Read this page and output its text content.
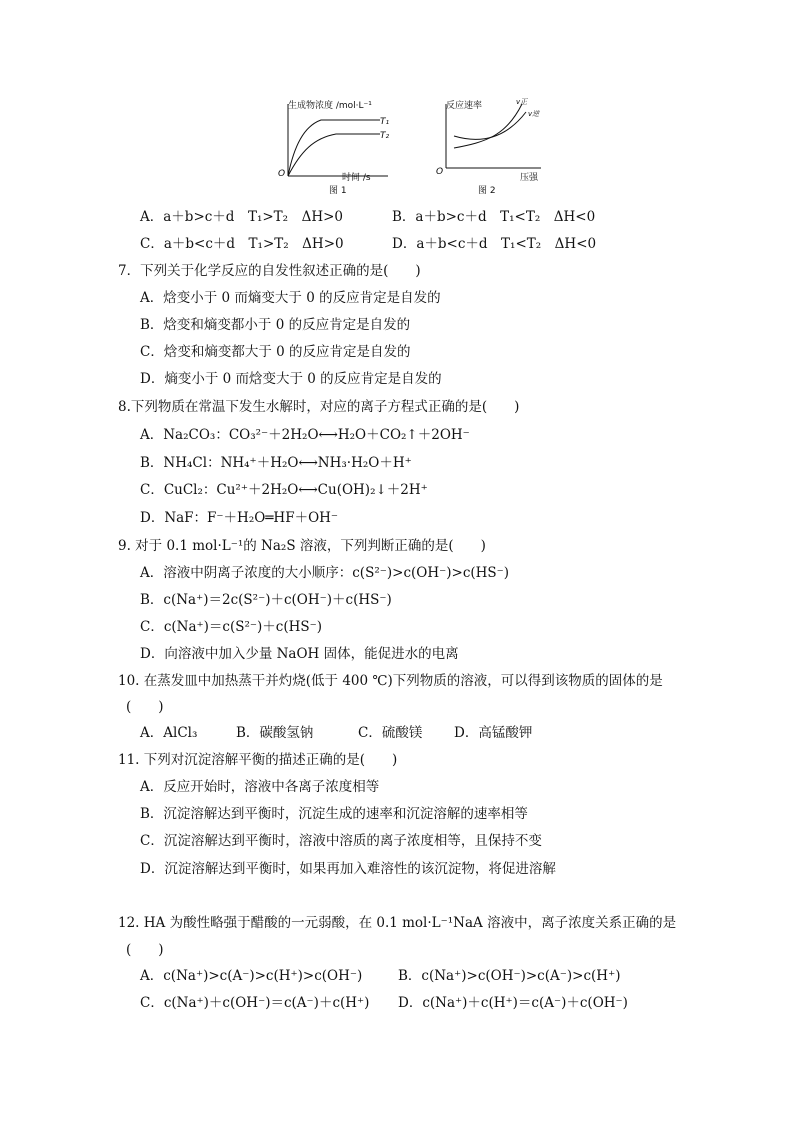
生成物浓度 /mol·L⁻¹
T₁
T₂
O	时间 /s
图 1
反应速率	v正
v逆
O
压强
图 2
A．a＋b>c＋d　T₁>T₂　ΔH>0	B．a＋b>c＋d　T₁<T₂　ΔH<0
C．a＋b<c＋d　T₁>T₂　ΔH>0	D．a＋b<c＋d　T₁<T₂　ΔH<0
7．下列关于化学反应的自发性叙述正确的是(　　)
A．焓变小于 0 而熵变大于 0 的反应肯定是自发的
B．焓变和熵变都小于 0 的反应肯定是自发的
C．焓变和熵变都大于 0 的反应肯定是自发的
D．熵变小于 0 而焓变大于 0 的反应肯定是自发的
8.下列物质在常温下发生水解时，对应的离子方程式正确的是(　　)
A．Na₂CO₃：CO₃²⁻＋2H₂O⟷H₂O＋CO₂↑＋2OH⁻
B．NH₄Cl：NH₄⁺＋H₂O⟷NH₃·H₂O＋H⁺
C．CuCl₂：Cu²⁺＋2H₂O⟷Cu(OH)₂↓＋2H⁺
D．NaF：F⁻＋H₂O═HF＋OH⁻
9. 对于 0.1 mol·L⁻¹的 Na₂S 溶液，下列判断正确的是(　　)
A．溶液中阴离子浓度的大小顺序：c(S²⁻)>c(OH⁻)>c(HS⁻)
B．c(Na⁺)＝2c(S²⁻)＋c(OH⁻)＋c(HS⁻)
C．c(Na⁺)＝c(S²⁻)＋c(HS⁻)
D．向溶液中加入少量 NaOH 固体，能促进水的电离
10. 在蒸发皿中加热蒸干并灼烧(低于 400 ℃)下列物质的溶液，可以得到该物质的固体的是
(　　)
A．AlCl₃	B．碳酸氢钠	C．硫酸镁 D．高锰酸钾
11. 下列对沉淀溶解平衡的描述正确的是(　　)
A．反应开始时，溶液中各离子浓度相等
B．沉淀溶解达到平衡时，沉淀生成的速率和沉淀溶解的速率相等
C．沉淀溶解达到平衡时，溶液中溶质的离子浓度相等，且保持不变
D．沉淀溶解达到平衡时，如果再加入难溶性的该沉淀物，将促进溶解
12. HA 为酸性略强于醋酸的一元弱酸，在 0.1 mol·L⁻¹NaA 溶液中，离子浓度关系正确的是
(　　)
A．c(Na⁺)>c(A⁻)>c(H⁺)>c(OH⁻)	B．c(Na⁺)>c(OH⁻)>c(A⁻)>c(H⁺)
C．c(Na⁺)＋c(OH⁻)＝c(A⁻)＋c(H⁺) D．c(Na⁺)＋c(H⁺)＝c(A⁻)＋c(OH⁻)
